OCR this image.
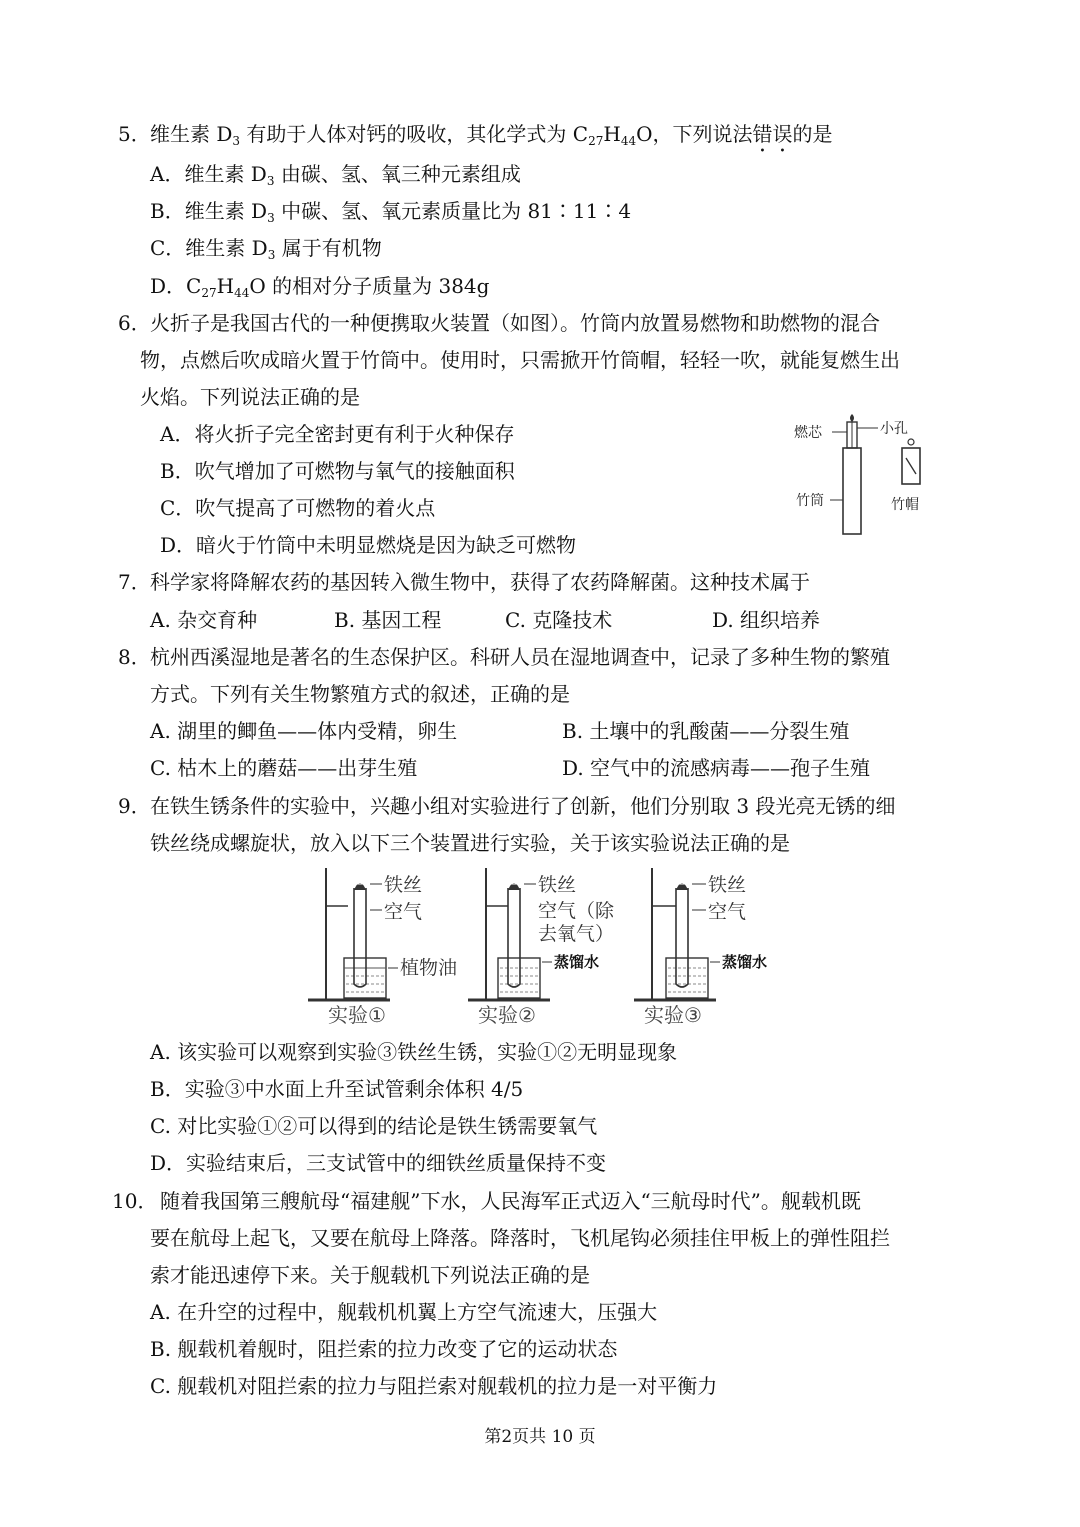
5． 维生素 $D_3$ 有助于人体对钙的吸收，其化学式为 $C_{27}H_{44}O$，下列说法错误的是
A．维生素 $D_3$ 由碳、氢、氧三种元素组成
B．维生素 $D_3$ 中碳、氢、氧元素质量比为 81∶11∶4
C．维生素 $D_3$ 属于有机物
D．$C_{27}H_{44}O$ 的相对分子质量为 384g
6． 火折子是我国古代的一种便携取火装置（如图）。竹筒内放置易燃物和助燃物的混合
物，点燃后吹成暗火置于竹筒中。使用时，只需掀开竹筒帽，轻轻一吹，就能复燃生出
火焰。下列说法正确的是
A．将火折子完全密封更有利于火种保存
B．吹气增加了可燃物与氧气的接触面积
C．吹气提高了可燃物的着火点
D．暗火于竹筒中未明显燃烧是因为缺乏可燃物
燃芯	小孔
竹筒	竹帽
7． 科学家将降解农药的基因转入微生物中，获得了农药降解菌。这种技术属于
A. 杂交育种	B. 基因工程	C. 克隆技术	D. 组织培养
8． 杭州西溪湿地是著名的生态保护区。科研人员在湿地调查中，记录了多种生物的繁殖
方式。下列有关生物繁殖方式的叙述，正确的是
A. 湖里的鲫鱼——体内受精，卵生	B. 土壤中的乳酸菌——分裂生殖
C. 枯木上的蘑菇——出芽生殖	D. 空气中的流感病毒——孢子生殖
9． 在铁生锈条件的实验中，兴趣小组对实验进行了创新，他们分别取 3 段光亮无锈的细
铁丝绕成螺旋状，放入以下三个装置进行实验，关于该实验说法正确的是
铁丝
空气
植物油
实验①
铁丝
空气（除
去氧气）
蒸馏水
实验②
铁丝
空气
蒸馏水
实验③
A. 该实验可以观察到实验③铁丝生锈，实验①②无明显现象
B．实验③中水面上升至试管剩余体积 4/5
C. 对比实验①②可以得到的结论是铁生锈需要氧气
D．实验结束后，三支试管中的细铁丝质量保持不变
10． 随着我国第三艘航母“福建舰”下水，人民海军正式迈入“三航母时代”。舰载机既
要在航母上起飞，又要在航母上降落。降落时，飞机尾钩必须挂住甲板上的弹性阻拦
索才能迅速停下来。关于舰载机下列说法正确的是
A. 在升空的过程中，舰载机机翼上方空气流速大，压强大
B. 舰载机着舰时，阻拦索的拉力改变了它的运动状态
C. 舰载机对阻拦索的拉力与阻拦索对舰载机的拉力是一对平衡力
第2页共 10 页
